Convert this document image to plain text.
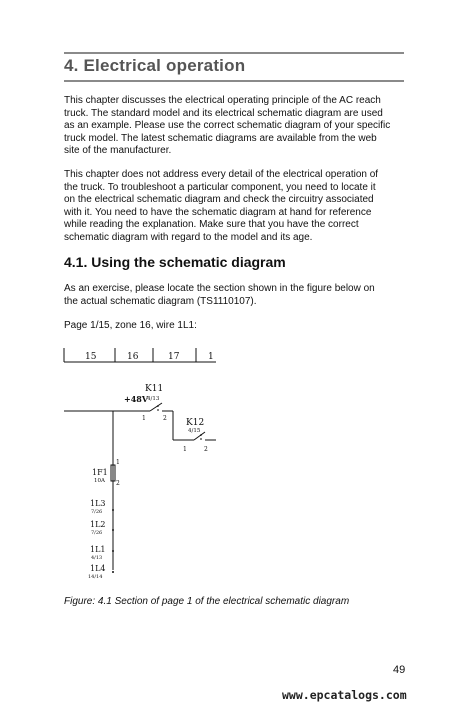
4. Electrical operation
This chapter discusses the electrical operating principle of the AC reach
truck. The standard model and its electrical schematic diagram are used
as an example. Please use the correct schematic diagram of your specific
truck model. The latest schematic diagrams are available from the web
site of the manufacturer.
This chapter does not address every detail of the electrical operation of
the truck. To troubleshoot a particular component, you need to locate it
on the electrical schematic diagram and check the circuitry associated
with it. You need to have the schematic diagram at hand for reference
while reading the explanation. Make sure that you have the correct
schematic diagram with regard to the model and its age.
4.1. Using the schematic diagram
As an exercise, please locate the section shown in the figure below on
the actual schematic diagram (TS1110107).
Page 1/15, zone 16, wire 1L1:
15	16	17	1
K11
+48V
4/13
1	2 K12
4/15
1	2
1
1F1
10A 2
1L3
7/26
1L2
7/26
1L1
4/13
1L4
14/14
Figure: 4.1 Section of page 1 of the electrical schematic diagram
49
www.epcatalogs.com
